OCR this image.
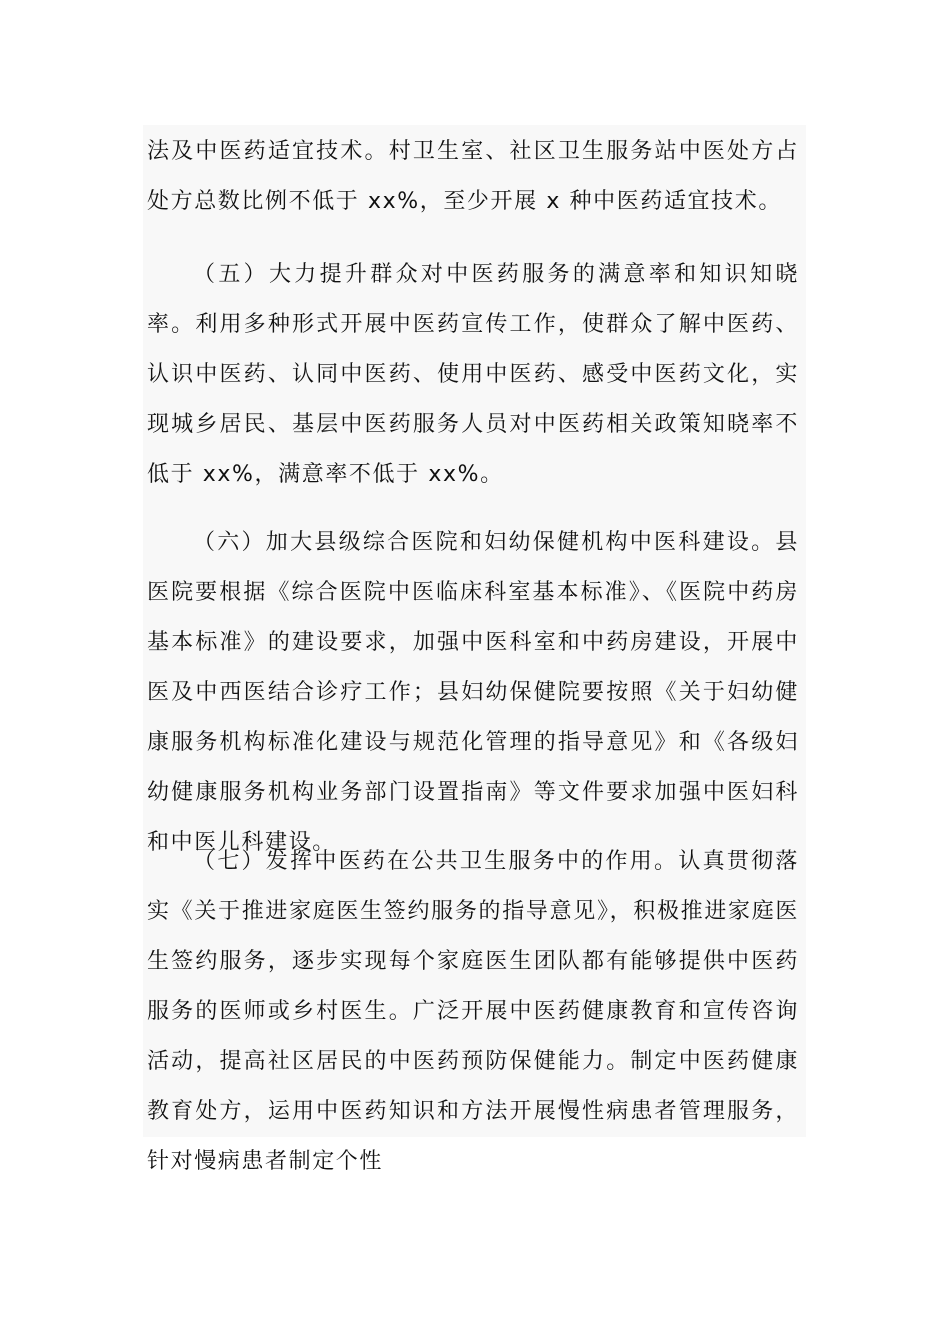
法及中医药适宜技术。村卫生室、社区卫生服务站中医处方占处方总数比例不低于 xx%，至少开展 x 种中医药适宜技术。

（五）大力提升群众对中医药服务的满意率和知识知晓率。利用多种形式开展中医药宣传工作，使群众了解中医药、认识中医药、认同中医药、使用中医药、感受中医药文化，实现城乡居民、基层中医药服务人员对中医药相关政策知晓率不低于 xx%，满意率不低于 xx%。

（六）加大县级综合医院和妇幼保健机构中医科建设。县医院要根据《综合医院中医临床科室基本标准》、《医院中药房基本标准》的建设要求，加强中医科室和中药房建设，开展中医及中西医结合诊疗工作；县妇幼保健院要按照《关于妇幼健康服务机构标准化建设与规范化管理的指导意见》和《各级妇幼健康服务机构业务部门设置指南》等文件要求加强中医妇科和中医儿科建设。

（七）发挥中医药在公共卫生服务中的作用。认真贯彻落实《关于推进家庭医生签约服务的指导意见》，积极推进家庭医生签约服务，逐步实现每个家庭医生团队都有能够提供中医药服务的医师或乡村医生。广泛开展中医药健康教育和宣传咨询活动，提高社区居民的中医药预防保健能力。制定中医药健康教育处方，运用中医药知识和方法开展慢性病患者管理服务，针对慢病患者制定个性
